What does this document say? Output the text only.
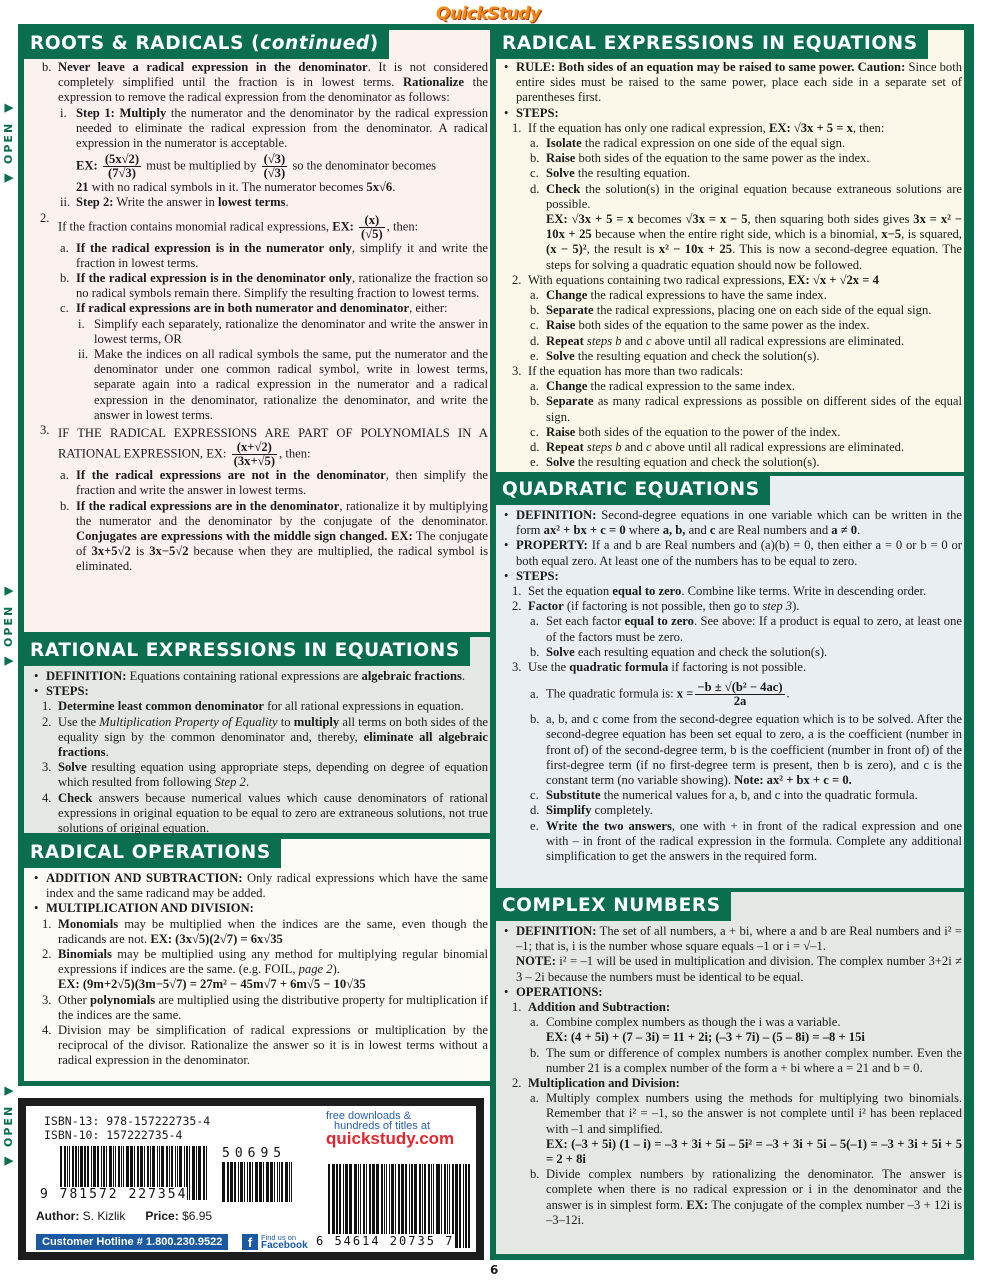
QuickStudy
◀ OPEN ◀
◀ OPEN ◀
◀ OPEN ◀
ROOTS & RADICALS (continued)
b. Never leave a radical expression in the denominator. It is not considered completely simplified until the fraction is in lowest terms. Rationalize the expression to remove the radical expression from the denominator as follows:
i. Step 1: Multiply the numerator and the denominator by the radical expression needed to eliminate the radical expression from the denominator. A radical expression in the numerator is acceptable.
EX: $\frac{(5x√2)}{(7√3)}$ must be multiplied by $\frac{(√3)}{(√3)}$ so the denominator becomes
21 with no radical symbols in it. The numerator becomes 5x√6.
ii. Step 2: Write the answer in lowest terms.
2.
If the fraction contains monomial radical expressions, EX: $\frac{(x)}{(√5)}$ , then:
a. If the radical expression is in the numerator only, simplify it and write the fraction in lowest terms.
b. If the radical expression is in the denominator only, rationalize the fraction so no radical symbols remain there. Simplify the resulting fraction to lowest terms.
c. If radical expressions are in both numerator and denominator, either:
i. Simplify each separately, rationalize the denominator and write the answer in lowest terms, OR
ii. Make the indices on all radical symbols the same, put the numerator and the denominator under one common radical symbol, write in lowest terms, separate again into a radical expression in the numerator and a radical expression in the denominator, rationalize the denominator, and write the answer in lowest terms.
3. IF THE RADICAL EXPRESSIONS ARE PART OF POLYNOMIALS IN A RATIONAL EXPRESSION, EX: $\frac{(x+√2)}{(3x+√5)}$ , then:
a. If the radical expressions are not in the denominator, then simplify the fraction and write the answer in lowest terms.
b. If the radical expressions are in the denominator, rationalize it by multiplying the numerator and the denominator by the conjugate of the denominator. Conjugates are expressions with the middle sign changed. EX: The conjugate of 3x+5√2 is 3x−5√2 because when they are multiplied, the radical symbol is eliminated.
RATIONAL EXPRESSIONS IN EQUATIONS
• DEFINITION: Equations containing rational expressions are algebraic fractions.
• STEPS:
1. Determine least common denominator for all rational expressions in equation.
2. Use the Multiplication Property of Equality to multiply all terms on both sides of the equality sign by the common denominator and, thereby, eliminate all algebraic fractions.
3. Solve resulting equation using appropriate steps, depending on degree of equation which resulted from following Step 2.
4. Check answers because numerical values which cause denominators of rational expressions in original equation to be equal to zero are extraneous solutions, not true solutions of original equation.
RADICAL OPERATIONS
• ADDITION AND SUBTRACTION: Only radical expressions which have the same index and the same radicand may be added.
• MULTIPLICATION AND DIVISION:
1. Monomials may be multiplied when the indices are the same, even though the radicands are not. EX: (3x√5)(2√7) = 6x√35
2. Binomials may be multiplied using any method for multiplying regular binomial expressions if indices are the same. (e.g. FOIL, page 2).
EX: (9m+2√5)(3m−5√7) = 27m² − 45m√7 + 6m√5 − 10√35
3. Other polynomials are multiplied using the distributive property for multiplication if the indices are the same.
4. Division may be simplification of radical expressions or multiplication by the reciprocal of the divisor. Rationalize the answer so it is in lowest terms without a radical expression in the denominator.
RADICAL EXPRESSIONS IN EQUATIONS
• RULE: Both sides of an equation may be raised to same power. Caution: Since both entire sides must be raised to the same power, place each side in a separate set of parentheses first.
• STEPS:
1. If the equation has only one radical expression, EX: √3x + 5 = x, then:
a. Isolate the radical expression on one side of the equal sign.
b. Raise both sides of the equation to the same power as the index.
c. Solve the resulting equation.
d. Check the solution(s) in the original equation because extraneous solutions are possible.
EX: √3x + 5 = x becomes √3x = x − 5, then squaring both sides gives 3x = x² − 10x + 25 because when the entire right side, which is a binomial, x−5, is squared, (x − 5)², the result is x² − 10x + 25. This is now a second-degree equation. The steps for solving a quadratic equation should now be followed.
2. With equations containing two radical expressions, EX: √x + √2x = 4
a. Change the radical expressions to have the same index.
b. Separate the radical expressions, placing one on each side of the equal sign.
c. Raise both sides of the equation to the same power as the index.
d. Repeat steps b and c above until all radical expressions are eliminated.
e. Solve the resulting equation and check the solution(s).
3. If the equation has more than two radicals:
a. Change the radical expression to the same index.
b. Separate as many radical expressions as possible on different sides of the equal sign.
c. Raise both sides of the equation to the power of the index.
d. Repeat steps b and c above until all radical expressions are eliminated.
e. Solve the resulting equation and check the solution(s).
QUADRATIC EQUATIONS
• DEFINITION: Second-degree equations in one variable which can be written in the form ax² + bx + c = 0 where a, b, and c are Real numbers and a ≠ 0.
• PROPERTY: If a and b are Real numbers and (a)(b) = 0, then either a = 0 or b = 0 or both equal zero. At least one of the numbers has to be equal to zero.
• STEPS:
1. Set the equation equal to zero. Combine like terms. Write in descending order.
2. Factor (if factoring is not possible, then go to step 3).
a. Set each factor equal to zero. See above: If a product is equal to zero, at least one of the factors must be zero.
b. Solve each resulting equation and check the solution(s).
3. Use the quadratic formula if factoring is not possible.
a. The quadratic formula is: $x = \frac{\text{−b ± √(b² − 4ac)}}{2a}$ .
b. a, b, and c come from the second-degree equation which is to be solved. After the second-degree equation has been set equal to zero, a is the coefficient (number in front of) of the second-degree term, b is the coefficient (number in front of) of the first-degree term (if no first-degree term is present, then b is zero), and c is the constant term (no variable showing). Note: ax² + bx + c = 0.
c. Substitute the numerical values for a, b, and c into the quadratic formula.
d. Simplify completely.
e. Write the two answers, one with + in front of the radical expression and one with – in front of the radical expression in the formula. Complete any additional simplification to get the answers in the required form.
COMPLEX NUMBERS
• DEFINITION: The set of all numbers, a + bi, where a and b are Real numbers and i² = –1; that is, i is the number whose square equals –1 or i = √–1.
NOTE: i² = –1 will be used in multiplication and division. The complex number 3+2i ≠ 3 – 2i because the numbers must be identical to be equal.
• OPERATIONS:
1. Addition and Subtraction:
a. Combine complex numbers as though the i was a variable.
EX: (4 + 5i) + (7 – 3i) = 11 + 2i; (–3 + 7i) – (5 – 8i) = –8 + 15i
b. The sum or difference of complex numbers is another complex number. Even the number 21 is a complex number of the form a + bi where a = 21 and b = 0.
2. Multiplication and Division:
a. Multiply complex numbers using the methods for multiplying two binomials. Remember that i² = –1, so the answer is not complete until i² has been replaced with –1 and simplified.
EX: (–3 + 5i) (1 – i) = –3 + 3i + 5i – 5i² = –3 + 3i + 5i – 5(–1) = –3 + 3i + 5i + 5 = 2 + 8i
b. Divide complex numbers by rationalizing the denominator. The answer is complete when there is no radical expression or i in the denominator and the answer is in simplest form. EX: The conjugate of the complex number –3 + 12i is –3–12i.
ISBN-13: 978-157222735-4
ISBN-10: 157222735-4
9 781572 227354
50695
Author: S. Kizlik Price: $6.95
Customer Hotline # 1.800.230.9522	f	Find us on
Facebook
free downloads &
hundreds of titles at
quickstudy.com
6 54614 20735 7
6
